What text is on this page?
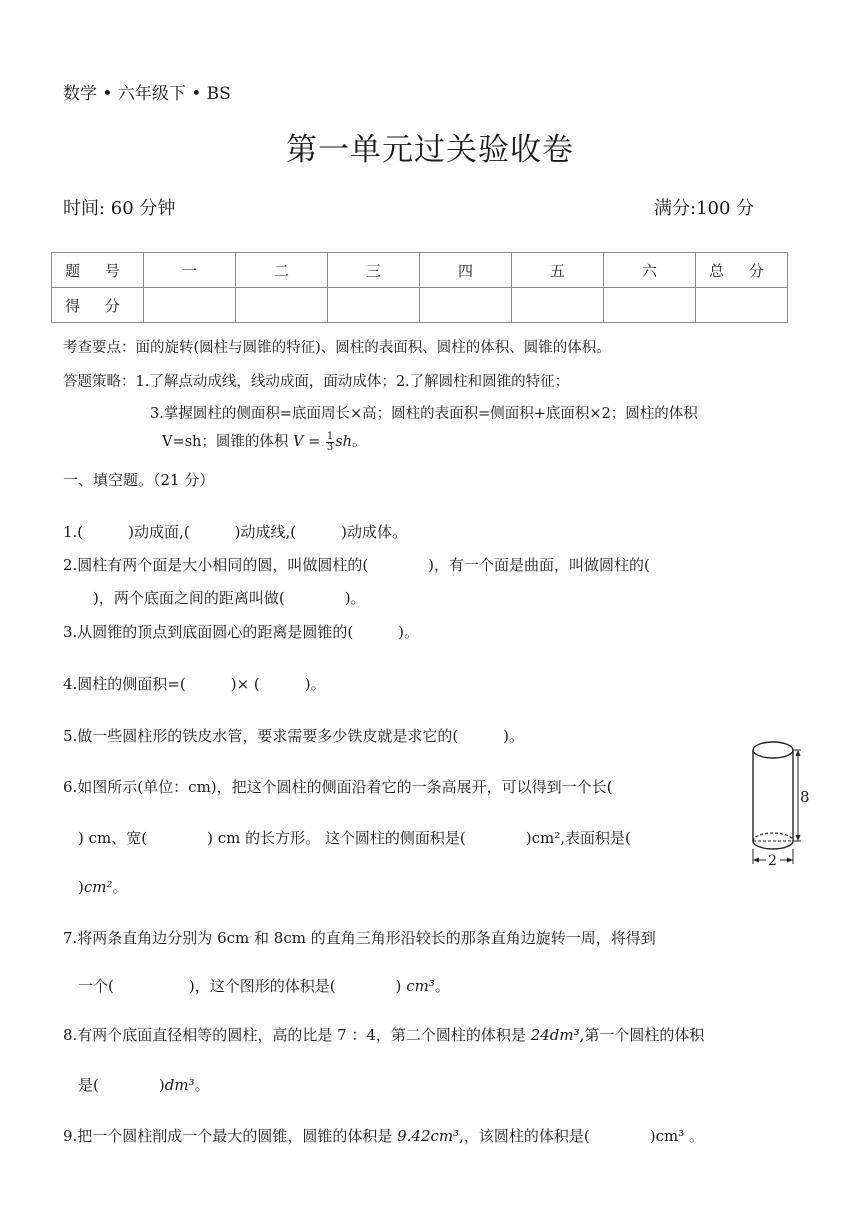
数学 • 六年级下 • BS
第一单元过关验收卷
时间: 60 分钟	满分:100 分
题 号	一	二	三	四	五	六	总 分
得 分							
考查要点：面的旋转(圆柱与圆锥的特征)、圆柱的表面积、圆柱的体积、圆锥的体积。
答题策略：1.了解点动成线，线动成面，面动成体；2.了解圆柱和圆锥的特征；
3.掌握圆柱的侧面积=底面周长×高；圆柱的表面积=侧面积+底面积×2；圆柱的体积
V=sh；圆锥的体积 $V = \frac{1}{3}$ sh。
一、填空题。（21 分）
1.(　　　)动成面,(　　　)动成线,(　　　)动成体。
2.圆柱有两个面是大小相同的圆，叫做圆柱的(　　　　)，有一个面是曲面，叫做圆柱的(
　　)，两个底面之间的距离叫做(　　　　)。
3.从圆锥的顶点到底面圆心的距离是圆锥的(　　　)。
4.圆柱的侧面积=(　　　)× (　　　)。
5.做一些圆柱形的铁皮水管，要求需要多少铁皮就是求它的(　　　)。
6.如图所示(单位：cm)，把这个圆柱的侧面沿着它的一条高展开，可以得到一个长(
　) cm、宽(　　　　) cm 的长方形。 这个圆柱的侧面积是(　　　　)cm²,表面积是(
　)cm²。
7.将两条直角边分别为 6cm 和 8cm 的直角三角形沿较长的那条直角边旋转一周，将得到
　一个(　　　　　)，这个图形的体积是(　　　　) cm³。
8.有两个底面直径相等的圆柱，高的比是 7 ：4，第二个圆柱的体积是 24dm³,第一个圆柱的体积
　是(　　　　)dm³。
9.把一个圆柱削成一个最大的圆锥，圆锥的体积是 9.42cm³,，该圆柱的体积是(　　　　)cm³ 。
8
2
